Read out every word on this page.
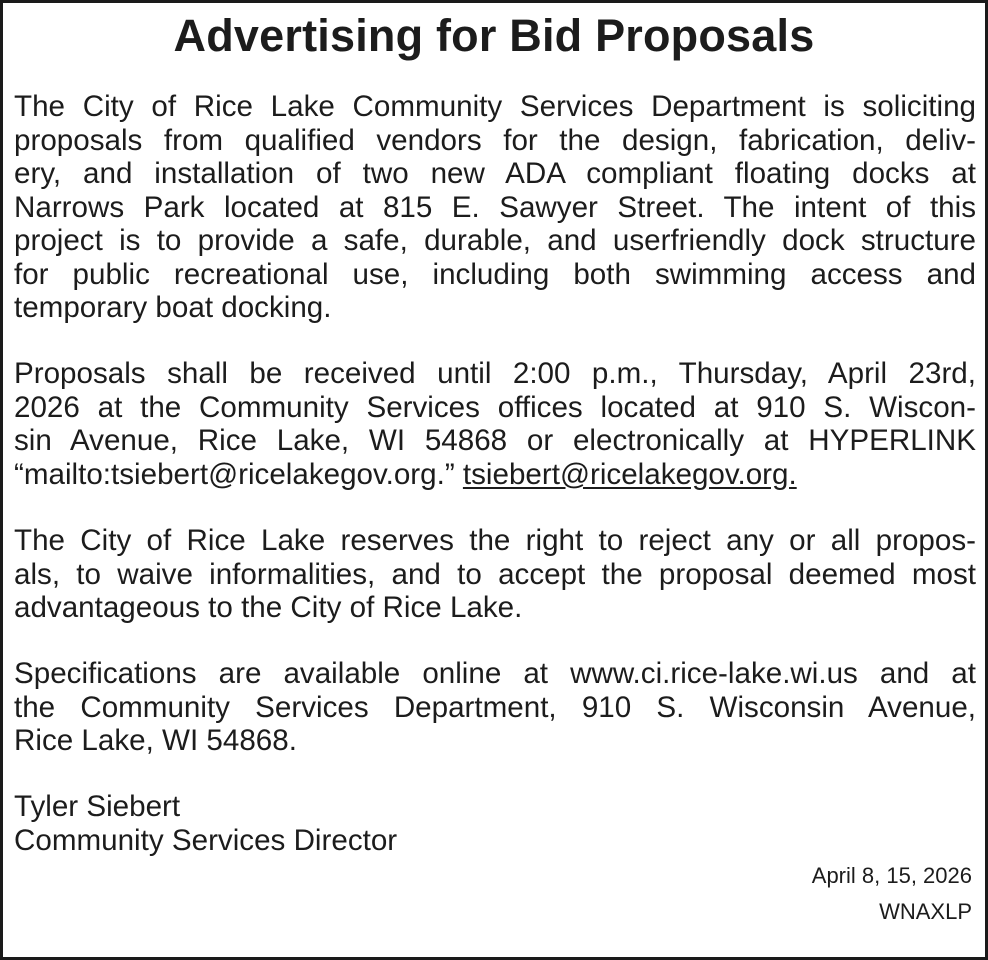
Advertising for Bid Proposals
The City of Rice Lake Community Services Department is soliciting
proposals from qualified vendors for the design, fabrication, deliv-
ery, and installation of two new ADA compliant floating docks at
Narrows Park located at 815 E. Sawyer Street. The intent of this
project is to provide a safe, durable, and userfriendly dock structure
for public recreational use, including both swimming access and
temporary boat docking.
Proposals shall be received until 2:00 p.m., Thursday, April 23rd,
2026 at the Community Services offices located at 910 S. Wiscon-
sin Avenue, Rice Lake, WI 54868 or electronically at HYPERLINK
“mailto:tsiebert@ricelakegov.org.” tsiebert@ricelakegov.org.
The City of Rice Lake reserves the right to reject any or all propos-
als, to waive informalities, and to accept the proposal deemed most
advantageous to the City of Rice Lake.
Specifications are available online at www.ci.rice-lake.wi.us and at
the Community Services Department, 910 S. Wisconsin Avenue,
Rice Lake, WI 54868.
Tyler Siebert
Community Services Director
April 8, 15, 2026
WNAXLP
